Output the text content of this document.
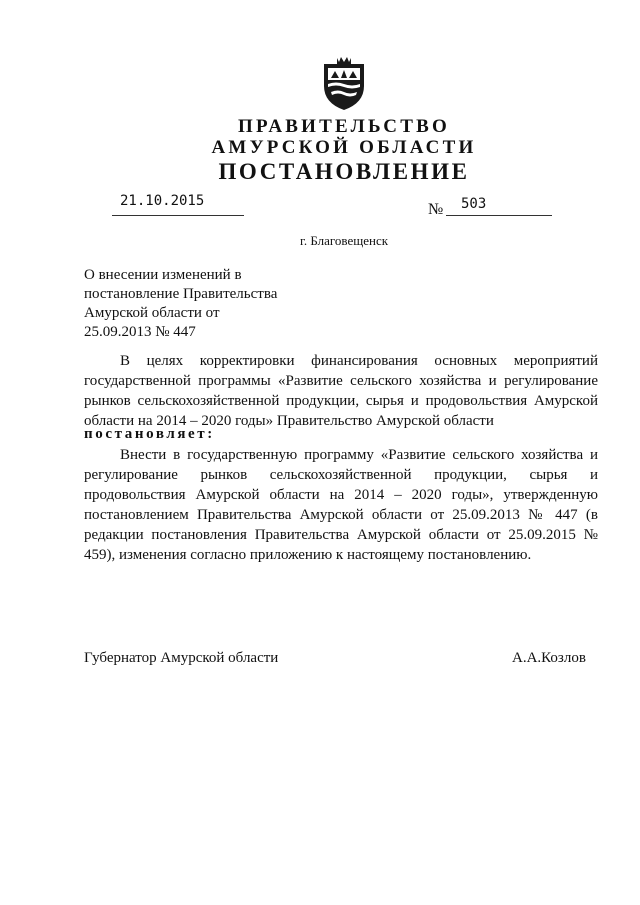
ПРАВИТЕЛЬСТВО
АМУРСКОЙ ОБЛАСТИ
ПОСТАНОВЛЕНИЕ
21.10.2015	№ 503
г. Благовещенск
О внесении изменений в
постановление Правительства
Амурской области от
25.09.2013 № 447
В целях корректировки финансирования основных мероприятий государственной программы «Развитие сельского хозяйства и регулирование рынков сельскохозяйственной продукции, сырья и продовольствия Амурской области на 2014 – 2020 годы» Правительство Амурской области
постановляет:
Внести в государственную программу «Развитие сельского хозяйства и регулирование рынков сельскохозяйственной продукции, сырья и продовольствия Амурской области на 2014 – 2020 годы», утвержденную постановлением Правительства Амурской области от 25.09.2013 № 447 (в редакции постановления Правительства Амурской области от 25.09.2015 № 459), изменения согласно приложению к настоящему постановлению.
Губернатор Амурской области	А.А.Козлов
